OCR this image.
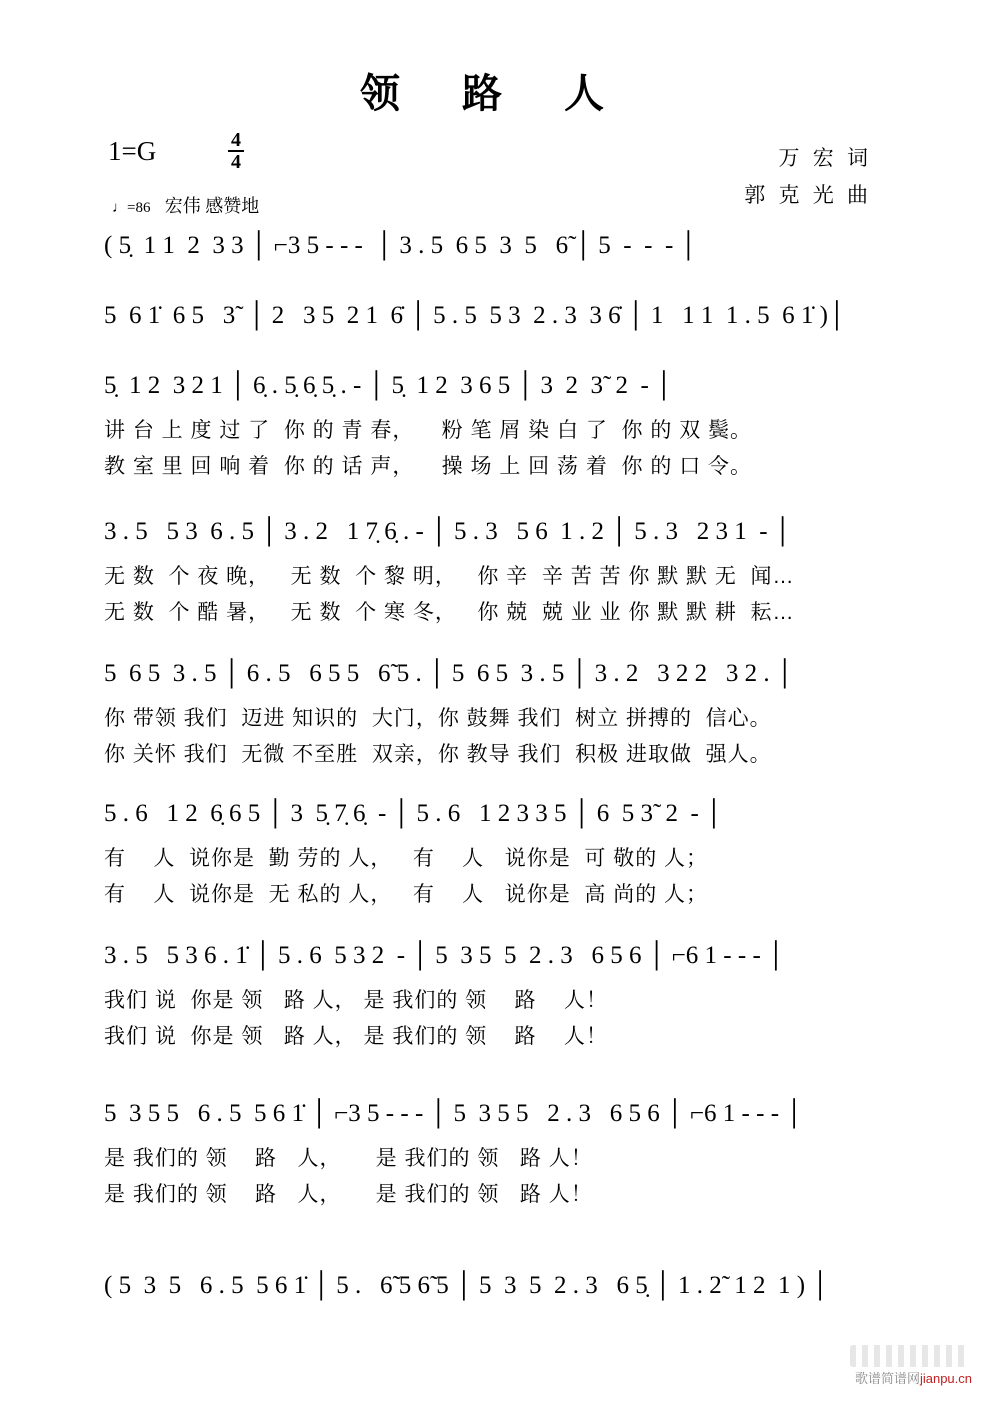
领 路 人
1=G	$\frac{4}{4}$
♩=86 宏伟 感赞地
万 宏 词
郭 克 光 曲
( 5̣  1 1  2  3 3 │ ⌐3 5 - - -  │ 3 . 5  6 5  3  5   6̃ │ 5  -  -  - │
5  6 1̇  6 5   3̃  │ 2   3 5  2 1  6̇ │ 5 . 5  5 3  2 . 3  3 6̇ │ 1   1 1  1 . 5  6 1̇ )│
5̣  1 2  3 2 1 │ 6̣ . 5̣ 6̣ 5̣ . - │ 5̣  1 2  3 6 5 │ 3  2  3̃  2  - │
讲 台 上 度 过 了  你 的 青 春，    粉 笔 屑 染 白 了  你 的 双 鬓。
教 室 里 回 响 着  你 的 话 声，    操 场 上 回 荡 着  你 的 口 令。
3 . 5   5 3  6 . 5 │ 3 . 2   1 7̣ 6̣ . - │ 5 . 3   5 6  1 . 2 │ 5 . 3   2 3 1  - │
无 数  个 夜 晚，   无 数  个 黎 明，   你 辛  辛 苦 苦 你 默 默 无  闻…
无 数  个 酷 暑，   无 数  个 寒 冬，   你 兢  兢 业 业 你 默 默 耕  耘…
5  6 5  3 . 5 │ 6 . 5   6 5 5   6̃ 5 . │ 5  6 5  3 . 5 │ 3 . 2   3 2 2   3 2 . │
你 带领 我们  迈进 知识的  大门，你 鼓舞 我们  树立 拼搏的  信心。
你 关怀 我们  无微 不至胜  双亲，你 教导 我们  积极 进取做  强人。
5 . 6   1 2  6̣ 6 5 │ 3  5̣ 7̣ 6̣  - │ 5 . 6   1 2 3 3 5 │ 6  5 3̃  2  - │
有    人  说你是  勤 劳的 人，   有    人   说你是  可 敬的 人；
有    人  说你是  无 私的 人，   有    人   说你是  高 尚的 人；
3 . 5   5 3 6 . 1̇ │ 5 . 6  5 3 2  - │ 5  3 5  5  2 . 3   6 5 6 │ ⌐6 1 - - - │
我们 说  你是 领   路 人， 是 我们的 领    路    人！
我们 说  你是 领   路 人， 是 我们的 领    路    人！
5  3 5 5   6 . 5  5 6 1̇ │ ⌐3 5 - - - │ 5  3 5 5   2 . 3   6 5 6 │ ⌐6 1 - - - │
是 我们的 领    路   人，     是 我们的 领   路 人！
是 我们的 领    路   人，     是 我们的 领   路 人！
( 5  3  5   6 . 5  5 6 1̇ │ 5 .   6̃ 5 6̃ 5 │ 5  3  5  2 . 3   6 5̣ │ 1 . 2̃  1 2  1 ) │
歌谱简谱网jianpu.cn
